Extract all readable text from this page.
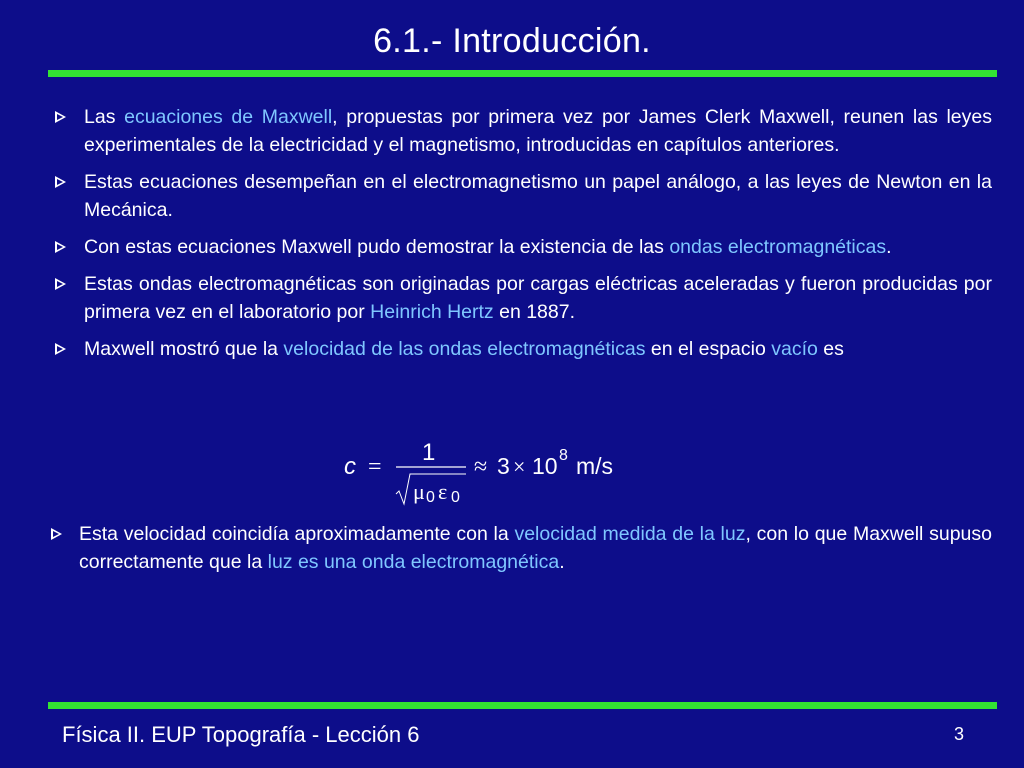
6.1.- Introducción.
Las ecuaciones de Maxwell, propuestas por primera vez por James Clerk Maxwell, reunen las leyes experimentales de la electricidad y el magnetismo, introducidas en capítulos anteriores.
Estas ecuaciones desempeñan en el electromagnetismo un papel análogo, a las leyes de Newton en la Mecánica.
Con estas ecuaciones Maxwell pudo demostrar la existencia de las ondas electromagnéticas.
Estas ondas electromagnéticas son originadas por cargas eléctricas aceleradas y fueron producidas por primera vez en el laboratorio por Heinrich Hertz en 1887.
Maxwell mostró que la velocidad de las ondas electromagnéticas en el espacio vacío es
c =
1
μ 0 ε 0
≈ 3 × 10 8 m/s
Esta velocidad coincidía aproximadamente con la velocidad medida de la luz, con lo que Maxwell supuso correctamente que la luz es una onda electromagnética.
Física II. EUP Topografía - Lección 6	3
